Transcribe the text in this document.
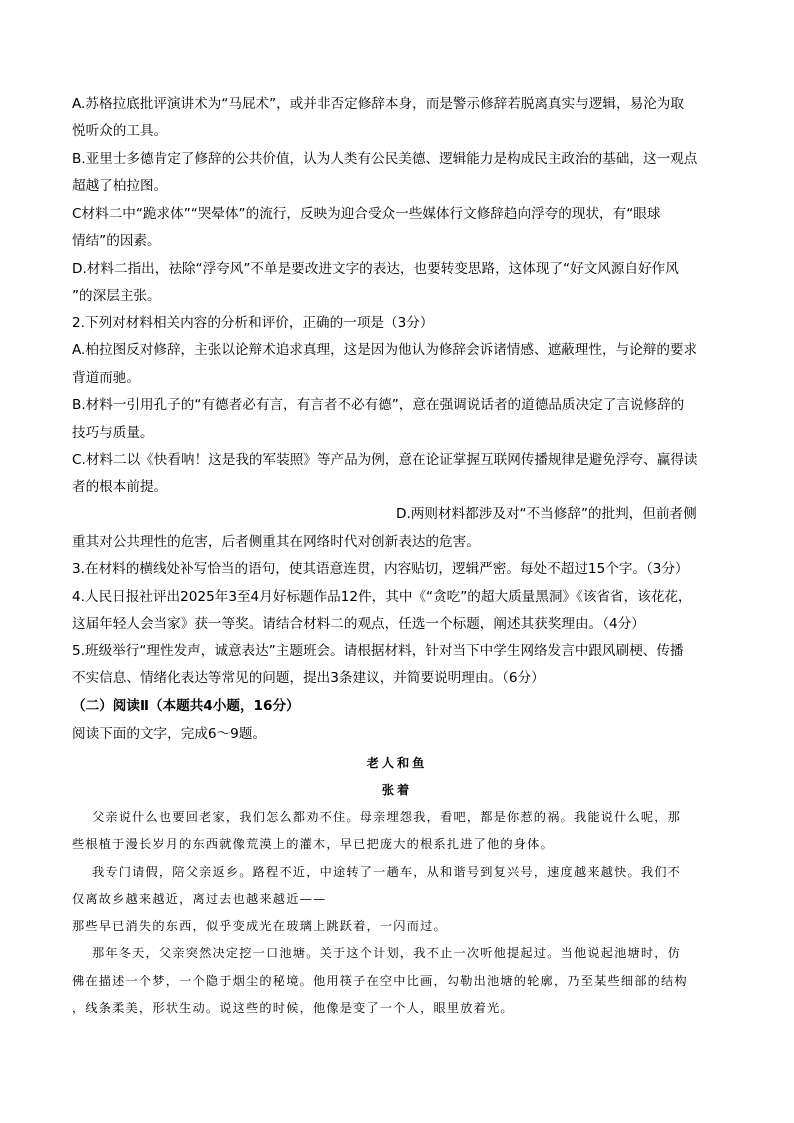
A.苏格拉底批评演讲术为“马屁术”，或并非否定修辞本身，而是警示修辞若脱离真实与逻辑，易沦为取
悦听众的工具。
B.亚里士多德肯定了修辞的公共价值，认为人类有公民美德、逻辑能力是构成民主政治的基础，这一观点
超越了柏拉图。
C材料二中“跪求体”“哭晕体”的流行，反映为迎合受众一些媒体行文修辞趋向浮夸的现状，有“眼球
情结”的因素。
D.材料二指出，祛除“浮夸风”不单是要改进文字的表达，也要转变思路，这体现了“好文风源自好作风
”的深层主张。
2.下列对材料相关内容的分析和评价，正确的一项是（3分）
A.柏拉图反对修辞，主张以论辩术追求真理，这是因为他认为修辞会诉诸情感、遮蔽理性，与论辩的要求
背道而驰。
B.材料一引用孔子的“有德者必有言，有言者不必有德”，意在强调说话者的道德品质决定了言说修辞的
技巧与质量。
C.材料二以《快看呐！这是我的军装照》等产品为例，意在论证掌握互联网传播规律是避免浮夸、赢得读
者的根本前提。
D.两则材料都涉及对“不当修辞”的批判，但前者侧
重其对公共理性的危害，后者侧重其在网络时代对创新表达的危害。
3.在材料的横线处补写恰当的语句，使其语意连贯，内容贴切，逻辑严密。每处不超过15个字。（3分）
4.人民日报社评出2025年3至4月好标题作品12件，其中《“贪吃”的超大质量黑洞》《该省省，该花花，
这届年轻人会当家》获一等奖。请结合材料二的观点，任选一个标题，阐述其获奖理由。（4分）
5.班级举行“理性发声，诚意表达”主题班会。请根据材料，针对当下中学生网络发言中跟风刷梗、传播
不实信息、情绪化表达等常见的问题，提出3条建议，并简要说明理由。（6分）
（二）阅读Ⅱ（本题共4小题，16分）
阅读下面的文字，完成6～9题。
老人和鱼
张着
父亲说什么也要回老家，我们怎么都劝不住。母亲埋怨我，看吧，都是你惹的祸。我能说什么呢，那
些根植于漫长岁月的东西就像荒漠上的灌木，早已把庞大的根系扎进了他的身体。
我专门请假，陪父亲返乡。路程不近，中途转了一趟车，从和谐号到复兴号，速度越来越快。我们不
仅离故乡越来越近，离过去也越来越近——
那些早已消失的东西，似乎变成光在玻璃上跳跃着，一闪而过。
那年冬天，父亲突然决定挖一口池塘。关于这个计划，我不止一次听他提起过。当他说起池塘时，仿
佛在描述一个梦，一个隐于烟尘的秘境。他用筷子在空中比画，勾勒出池塘的轮廓，乃至某些细部的结构
，线条柔美，形状生动。说这些的时候，他像是变了一个人，眼里放着光。
